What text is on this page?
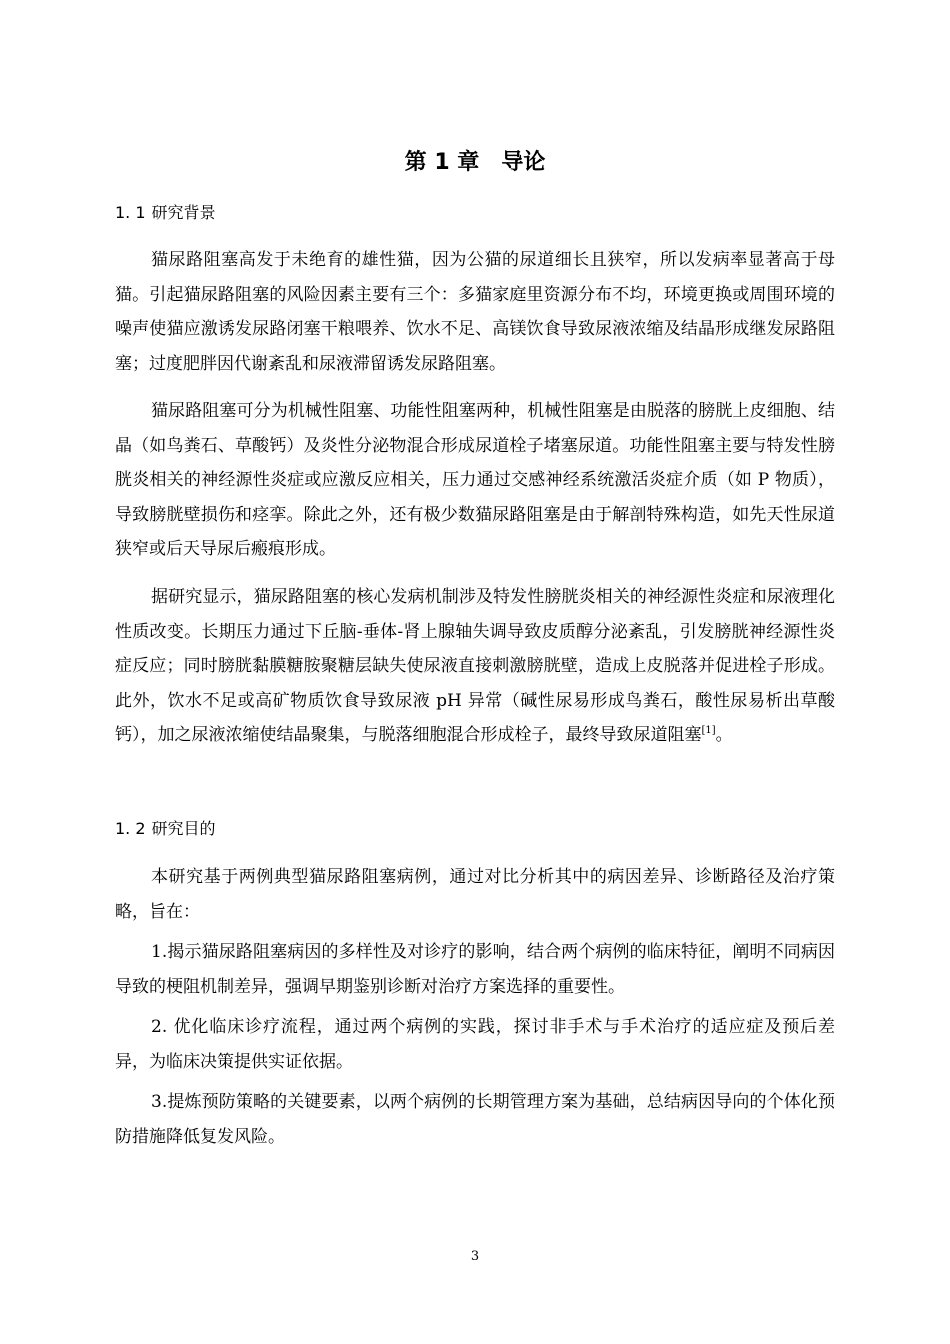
第 1 章 导论
1. 1 研究背景

猫尿路阻塞高发于未绝育的雄性猫，因为公猫的尿道细长且狭窄，所以发病率显著高于母猫。引起猫尿路阻塞的风险因素主要有三个：多猫家庭里资源分布不均，环境更换或周围环境的噪声使猫应激诱发尿路闭塞干粮喂养、饮水不足、高镁饮食导致尿液浓缩及结晶形成继发尿路阻塞；过度肥胖因代谢紊乱和尿液滞留诱发尿路阻塞。

猫尿路阻塞可分为机械性阻塞、功能性阻塞两种，机械性阻塞是由脱落的膀胱上皮细胞、结晶（如鸟粪石、草酸钙）及炎性分泌物混合形成尿道栓子堵塞尿道。功能性阻塞主要与特发性膀胱炎相关的神经源性炎症或应激反应相关，压力通过交感神经系统激活炎症介质（如 P 物质），导致膀胱壁损伤和痉挛。除此之外，还有极少数猫尿路阻塞是由于解剖特殊构造，如先天性尿道狭窄或后天导尿后瘢痕形成。

据研究显示，猫尿路阻塞的核心发病机制涉及特发性膀胱炎相关的神经源性炎症和尿液理化性质改变。长期压力通过下丘脑-垂体-肾上腺轴失调导致皮质醇分泌紊乱，引发膀胱神经源性炎症反应；同时膀胱黏膜糖胺聚糖层缺失使尿液直接刺激膀胱壁，造成上皮脱落并促进栓子形成。此外，饮水不足或高矿物质饮食导致尿液 pH 异常（碱性尿易形成鸟粪石，酸性尿易析出草酸钙），加之尿液浓缩使结晶聚集，与脱落细胞混合形成栓子，最终导致尿道阻塞[1]。

1. 2 研究目的

本研究基于两例典型猫尿路阻塞病例，通过对比分析其中的病因差异、诊断路径及治疗策略，旨在：

1.揭示猫尿路阻塞病因的多样性及对诊疗的影响，结合两个病例的临床特征，阐明不同病因导致的梗阻机制差异，强调早期鉴别诊断对治疗方案选择的重要性。

2. 优化临床诊疗流程，通过两个病例的实践，探讨非手术与手术治疗的适应症及预后差异，为临床决策提供实证依据。

3.提炼预防策略的关键要素，以两个病例的长期管理方案为基础，总结病因导向的个体化预防措施降低复发风险。

3
